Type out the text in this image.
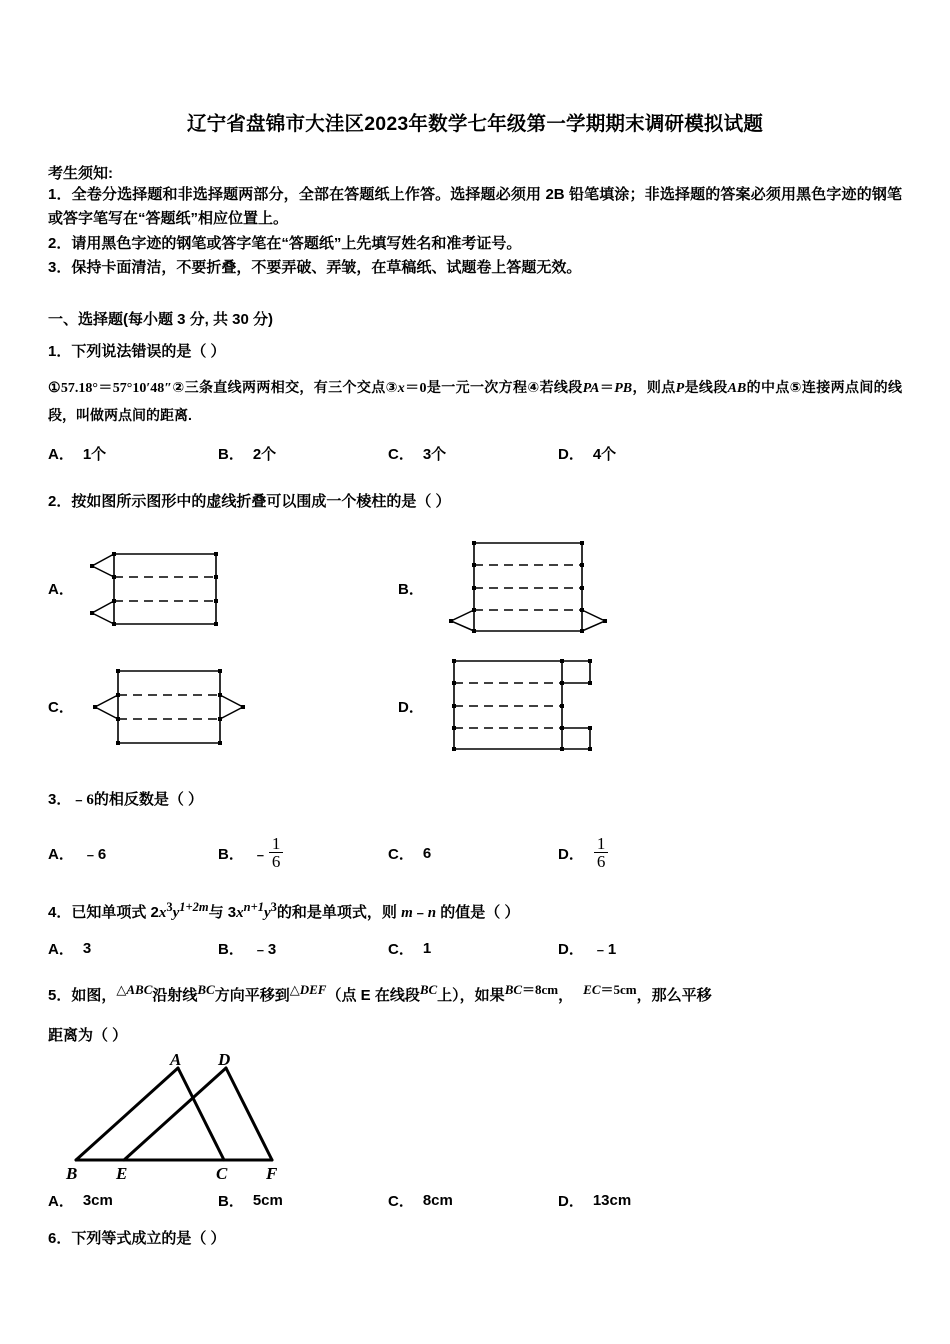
辽宁省盘锦市大洼区2023年数学七年级第一学期期末调研模拟试题
考生须知:
1．全卷分选择题和非选择题两部分，全部在答题纸上作答。选择题必须用 2B 铅笔填涂；非选择题的答案必须用黑色字迹的钢笔或答字笔写在“答题纸”相应位置上。
2．请用黑色字迹的钢笔或答字笔在“答题纸”上先填写姓名和准考证号。
3．保持卡面清洁，不要折叠，不要弄破、弄皱，在草稿纸、试题卷上答题无效。
一、选择题(每小题 3 分, 共 30 分)
1．下列说法错误的是（ ）
①57.18°＝57°10′48″②三条直线两两相交，有三个交点③x＝0是一元一次方程④若线段PA＝PB，则点P是线段AB的中点⑤连接两点间的线段，叫做两点间的距离.
A． 1个	B． 2个	C． 3个	D． 4个
2．按如图所示图形中的虚线折叠可以围成一个棱柱的是（ ）
A．	B．
C．	D．
3．﹣6的相反数是（ ）
A． ﹣6	B． ﹣ $\frac{1}{6}$	C． 6	D． $\frac{1}{6}$
4．已知单项式 $2x^3y^{1+2m}$与 $3x^{n+1}y^3$的和是单项式，则 m﹣n 的值是（ ）
A． 3	B． ﹣3	C． 1	D． ﹣1
5．如图，$^{\triangle ABC}$沿射线$^{BC}$方向平移到$^{\triangle DEF}$（点 E 在线段$^{BC}$上），如果$^{BC=8cm}$， $^{EC=5cm}$，那么平移
距离为（ ）
A D
B E	C F
A． 3cm	B． 5cm	C． 8cm	D． 13cm
6．下列等式成立的是（ ）
